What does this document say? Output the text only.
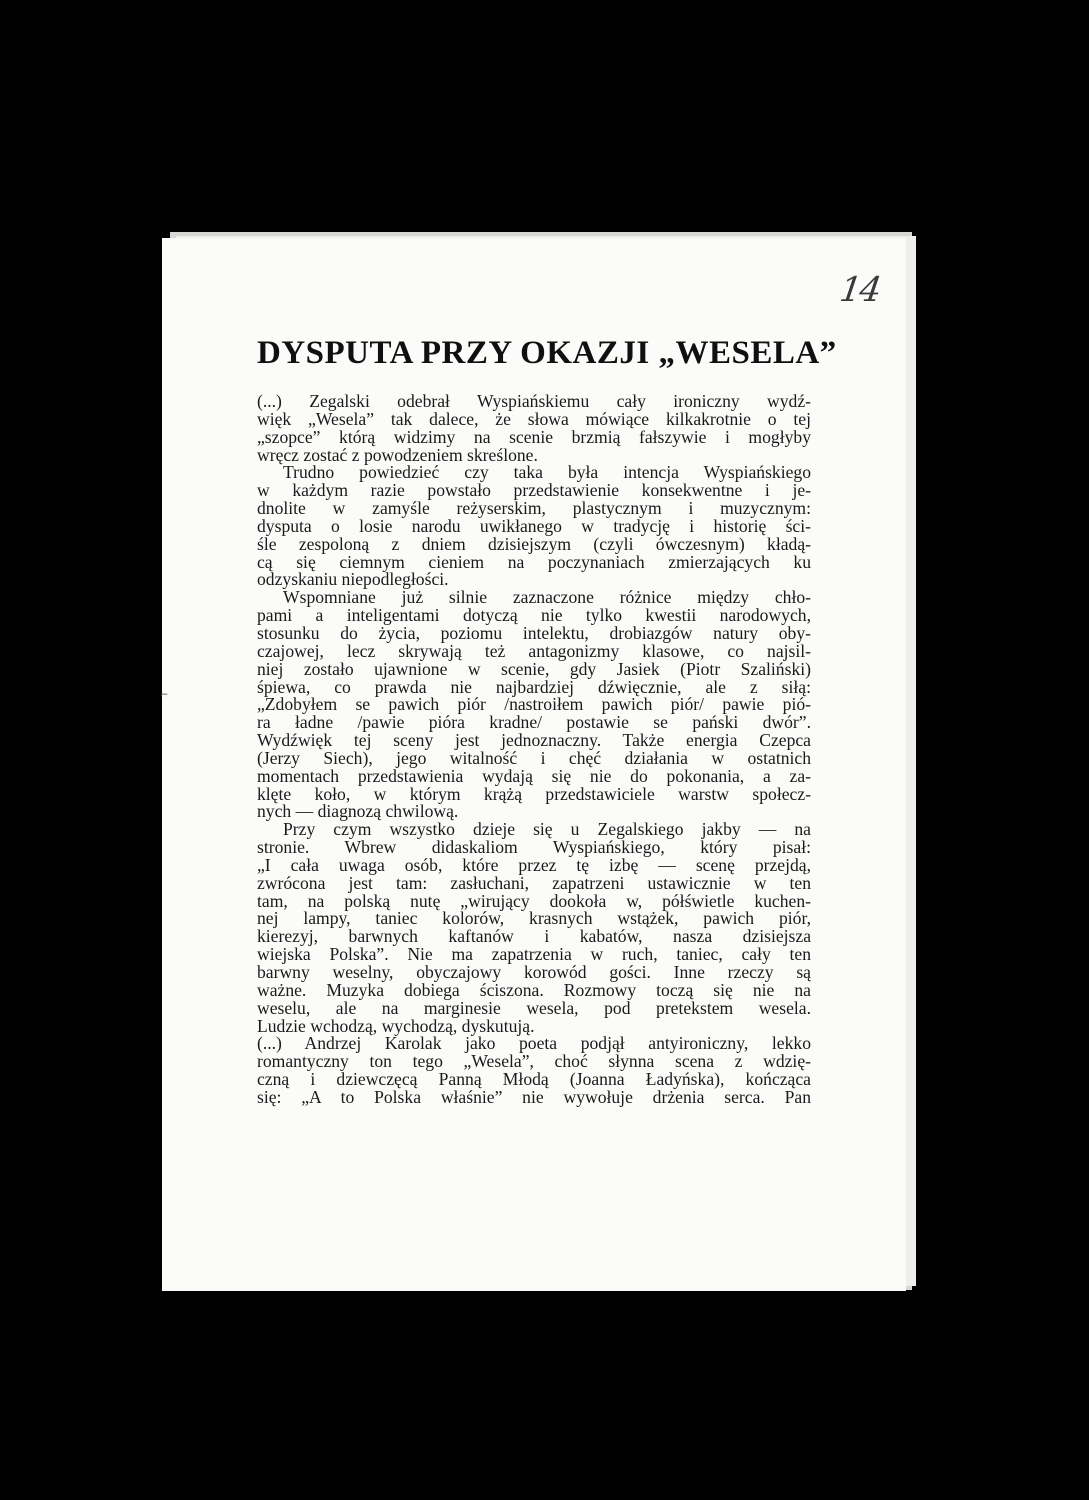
14
DYSPUTA PRZY OKAZJI „WESELA”
(...) Zegalski odebrał Wyspiańskiemu cały ironiczny wydź-
więk „Wesela” tak dalece, że słowa mówiące kilkakrotnie o tej
„szopce” którą widzimy na scenie brzmią fałszywie i mogłyby
wręcz zostać z powodzeniem skreślone.
Trudno powiedzieć czy taka była intencja Wyspiańskiego
w każdym razie powstało przedstawienie konsekwentne i je-
dnolite w zamyśle reżyserskim, plastycznym i muzycznym:
dysputa o losie narodu uwikłanego w tradycję i historię ści-
śle zespoloną z dniem dzisiejszym (czyli ówczesnym) kładą-
cą się ciemnym cieniem na poczynaniach zmierzających ku
odzyskaniu niepodległości.
Wspomniane już silnie zaznaczone różnice między chło-
pami a inteligentami dotyczą nie tylko kwestii narodowych,
stosunku do życia, poziomu intelektu, drobiazgów natury oby-
czajowej, lecz skrywają też antagonizmy klasowe, co najsil-
niej zostało ujawnione w scenie, gdy Jasiek (Piotr Szaliński)
śpiewa, co prawda nie najbardziej dźwięcznie, ale z siłą:
„Zdobyłem se pawich piór /nastroiłem pawich piór/ pawie pió-
ra ładne /pawie pióra kradne/ postawie se pański dwór”.
Wydźwięk tej sceny jest jednoznaczny. Także energia Czepca
(Jerzy Siech), jego witalność i chęć działania w ostatnich
momentach przedstawienia wydają się nie do pokonania, a za-
klęte koło, w którym krążą przedstawiciele warstw społecz-
nych — diagnozą chwilową.
Przy czym wszystko dzieje się u Zegalskiego jakby — na
stronie. Wbrew didaskaliom Wyspiańskiego, który pisał:
„I cała uwaga osób, które przez tę izbę — scenę przejdą,
zwrócona jest tam: zasłuchani, zapatrzeni ustawicznie w ten
tam, na polską nutę „wirujący dookoła w, półświetle kuchen-
nej lampy, taniec kolorów, krasnych wstążek, pawich piór,
kierezyj, barwnych kaftanów i kabatów, nasza dzisiejsza
wiejska Polska”. Nie ma zapatrzenia w ruch, taniec, cały ten
barwny weselny, obyczajowy korowód gości. Inne rzeczy są
ważne. Muzyka dobiega ściszona. Rozmowy toczą się nie na
weselu, ale na marginesie wesela, pod pretekstem wesela.
Ludzie wchodzą, wychodzą, dyskutują.
(...) Andrzej Karolak jako poeta podjął antyironiczny, lekko
romantyczny ton tego „Wesela”, choć słynna scena z wdzię-
czną i dziewczęcą Panną Młodą (Joanna Ładyńska), kończąca
się: „A to Polska właśnie” nie wywołuje drżenia serca. Pan
⌐
